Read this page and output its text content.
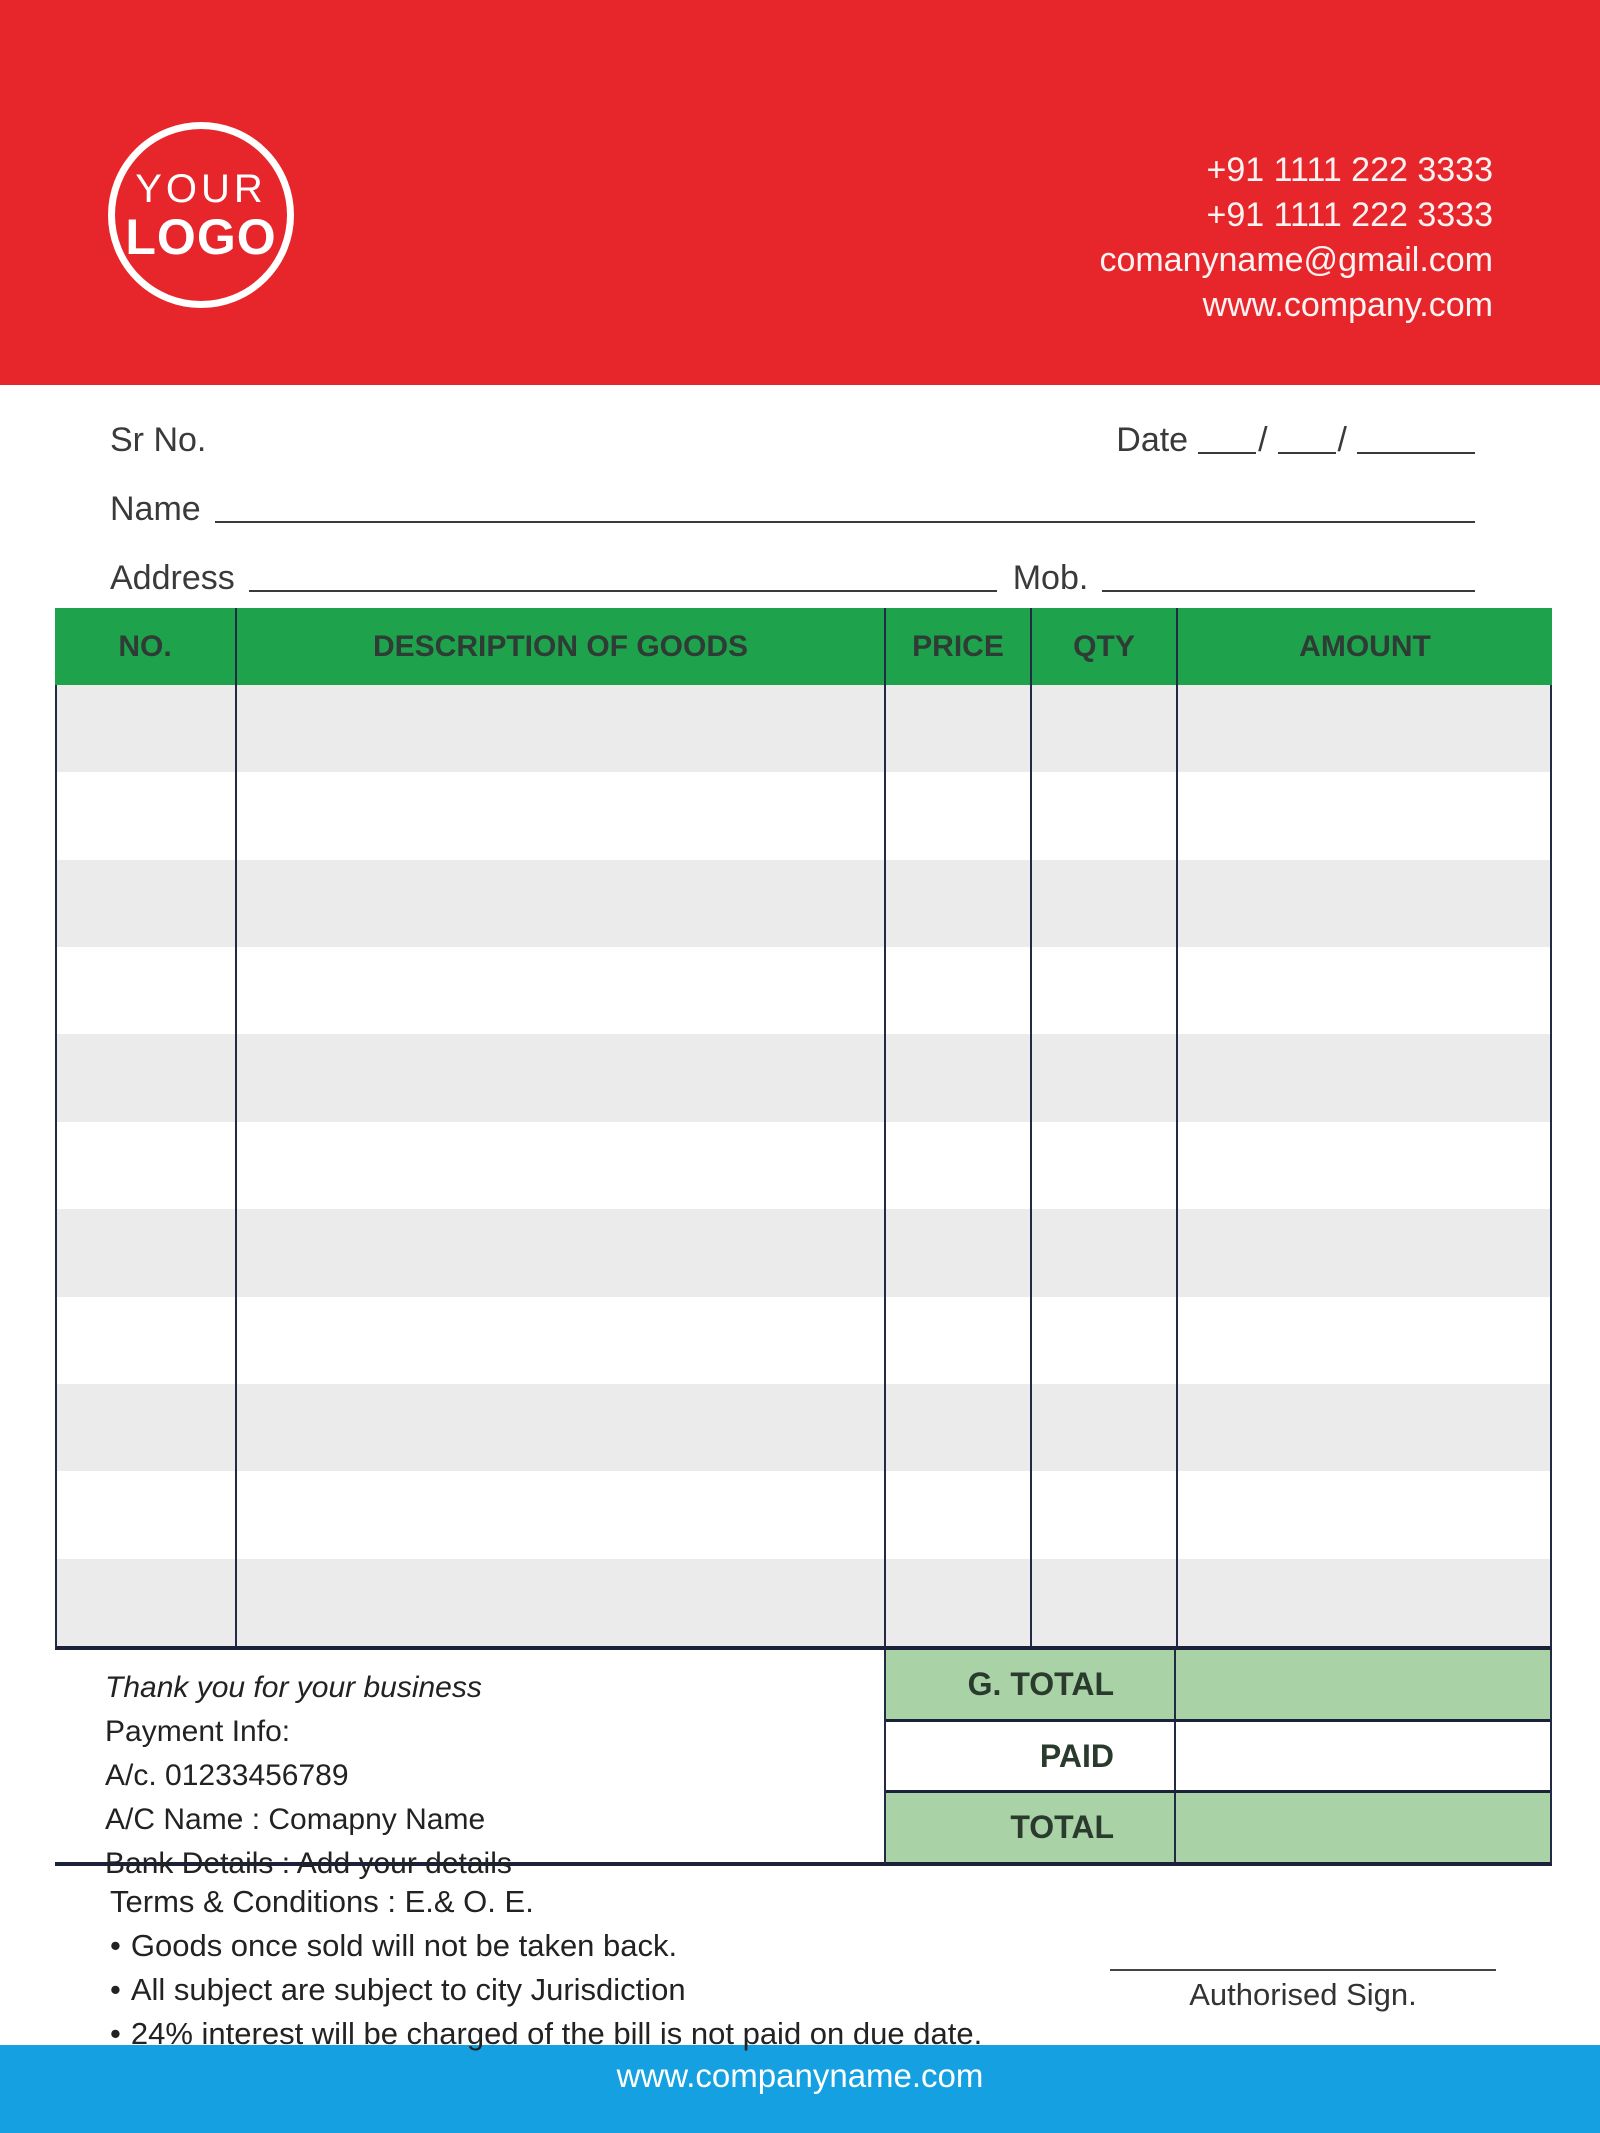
YOUR
LOGO
+91 1111 222 3333
+91 1111 222 3333
comanyname@gmail.com
www.company.com
Sr No.	Date / /
Name
Address	Mob.
NO.	DESCRIPTION OF GOODS	PRICE	QTY	AMOUNT
Thank you for your business
Payment Info:
A/c. 01233456789
A/C Name : Comapny Name
Bank Details : Add your details
G. TOTAL
PAID
TOTAL
Terms & Conditions : E.& O. E.
• Goods once sold will not be taken back.
• All subject are subject to city Jurisdiction
• 24% interest will be charged of the bill is not paid on due date.
Authorised Sign.
www.companyname.com
